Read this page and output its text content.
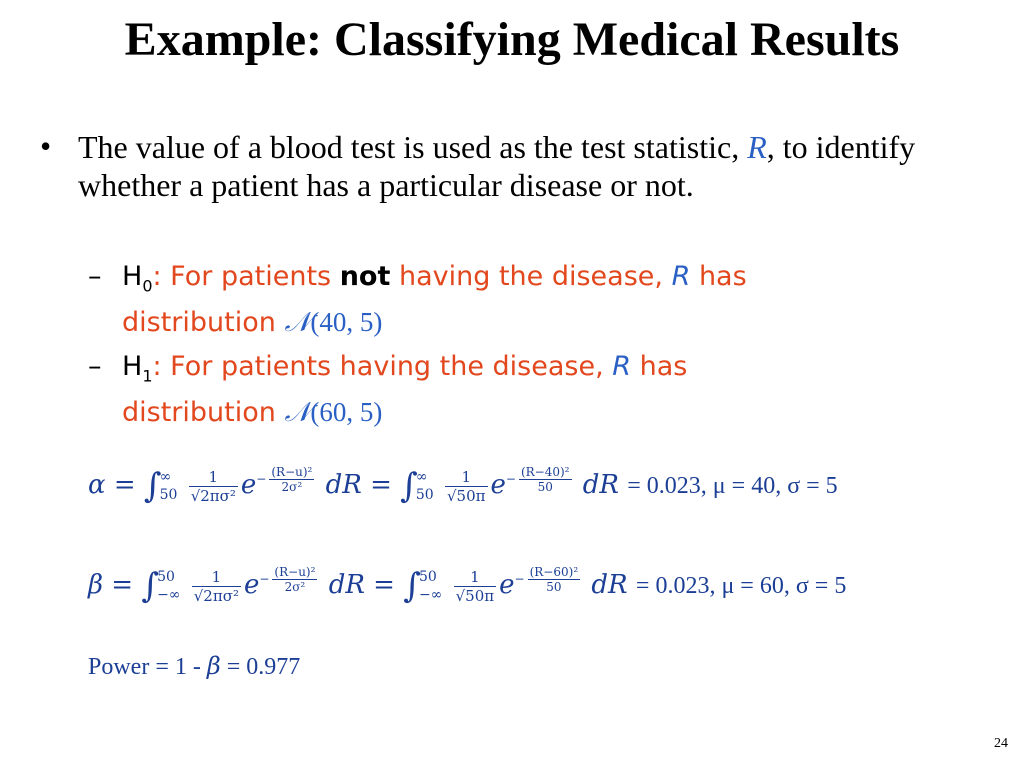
Example: Classifying Medical Results
• The value of a blood test is used as the test statistic, R, to identify whether a patient has a particular disease or not.
– $H_0$: For patients not having the disease, R has
distribution 𝒩(40, 5)
– $H_1$: For patients having the disease, R has
distribution 𝒩(60, 5)
α = ∫∞
$50 \frac{1}{\text{√2πσ²}} e- \frac{\text{(R−u)²}}{\text{2σ²}}$ dR = ∫∞
$50 \frac{1}{√50\pi} e- \frac{\text{(R−40)²}}{50}$ dR = 0.023, μ = 40, σ = 5
β = ∫50
−∞ $\frac{1}{\text{√2πσ²}} e- \frac{\text{(R−u)²}}{\text{2σ²}}$ dR = ∫50
−∞ $\frac{1}{√50\pi} e- \frac{\text{(R−60)²}}{50}$ dR = 0.023, μ = 60, σ = 5
Power = 1 - β = 0.977
24
